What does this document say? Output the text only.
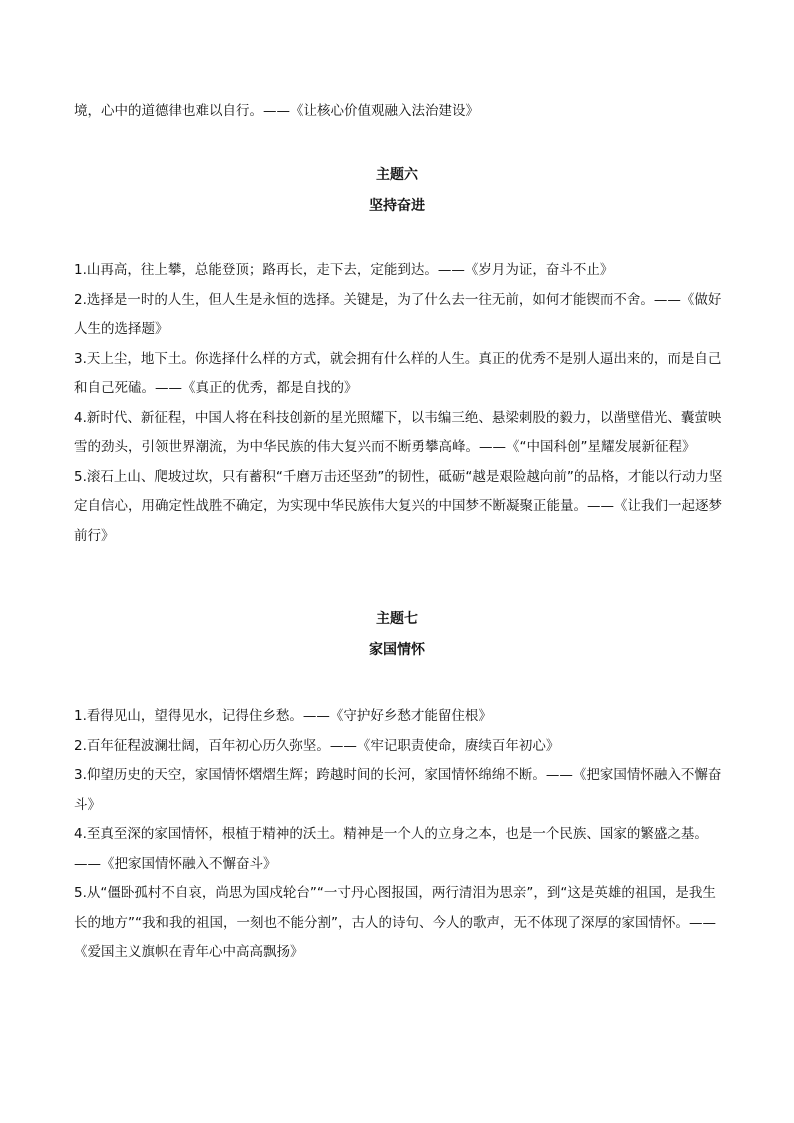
境，心中的道德律也难以自行。——《让核心价值观融入法治建设》

主题六

坚持奋进

1.山再高，往上攀，总能登顶；路再长，走下去，定能到达。——《岁月为证，奋斗不止》

2.选择是一时的人生，但人生是永恒的选择。关键是，为了什么去一往无前，如何才能锲而不舍。——《做好人生的选择题》

3.天上尘，地下土。你选择什么样的方式，就会拥有什么样的人生。真正的优秀不是别人逼出来的，而是自己和自己死磕。——《真正的优秀，都是自找的》

4.新时代、新征程，中国人将在科技创新的星光照耀下，以韦编三绝、悬梁刺股的毅力，以凿壁借光、囊萤映雪的劲头，引领世界潮流，为中华民族的伟大复兴而不断勇攀高峰。——《“中国科创”星耀发展新征程》

5.滚石上山、爬坡过坎，只有蓄积“千磨万击还坚劲”的韧性，砥砺“越是艰险越向前”的品格，才能以行动力坚定自信心，用确定性战胜不确定，为实现中华民族伟大复兴的中国梦不断凝聚正能量。——《让我们一起逐梦前行》

主题七

家国情怀

1.看得见山，望得见水，记得住乡愁。——《守护好乡愁才能留住根》

2.百年征程波澜壮阔，百年初心历久弥坚。——《牢记职责使命，赓续百年初心》

3.仰望历史的天空，家国情怀熠熠生辉；跨越时间的长河，家国情怀绵绵不断。——《把家国情怀融入不懈奋斗》

4.至真至深的家国情怀，根植于精神的沃土。精神是一个人的立身之本，也是一个民族、国家的繁盛之基。——《把家国情怀融入不懈奋斗》

5.从“僵卧孤村不自哀，尚思为国戍轮台”“一寸丹心图报国，两行清泪为思亲”，到“这是英雄的祖国，是我生长的地方”“我和我的祖国，一刻也不能分割”，古人的诗句、今人的歌声，无不体现了深厚的家国情怀。——《爱国主义旗帜在青年心中高高飘扬》
